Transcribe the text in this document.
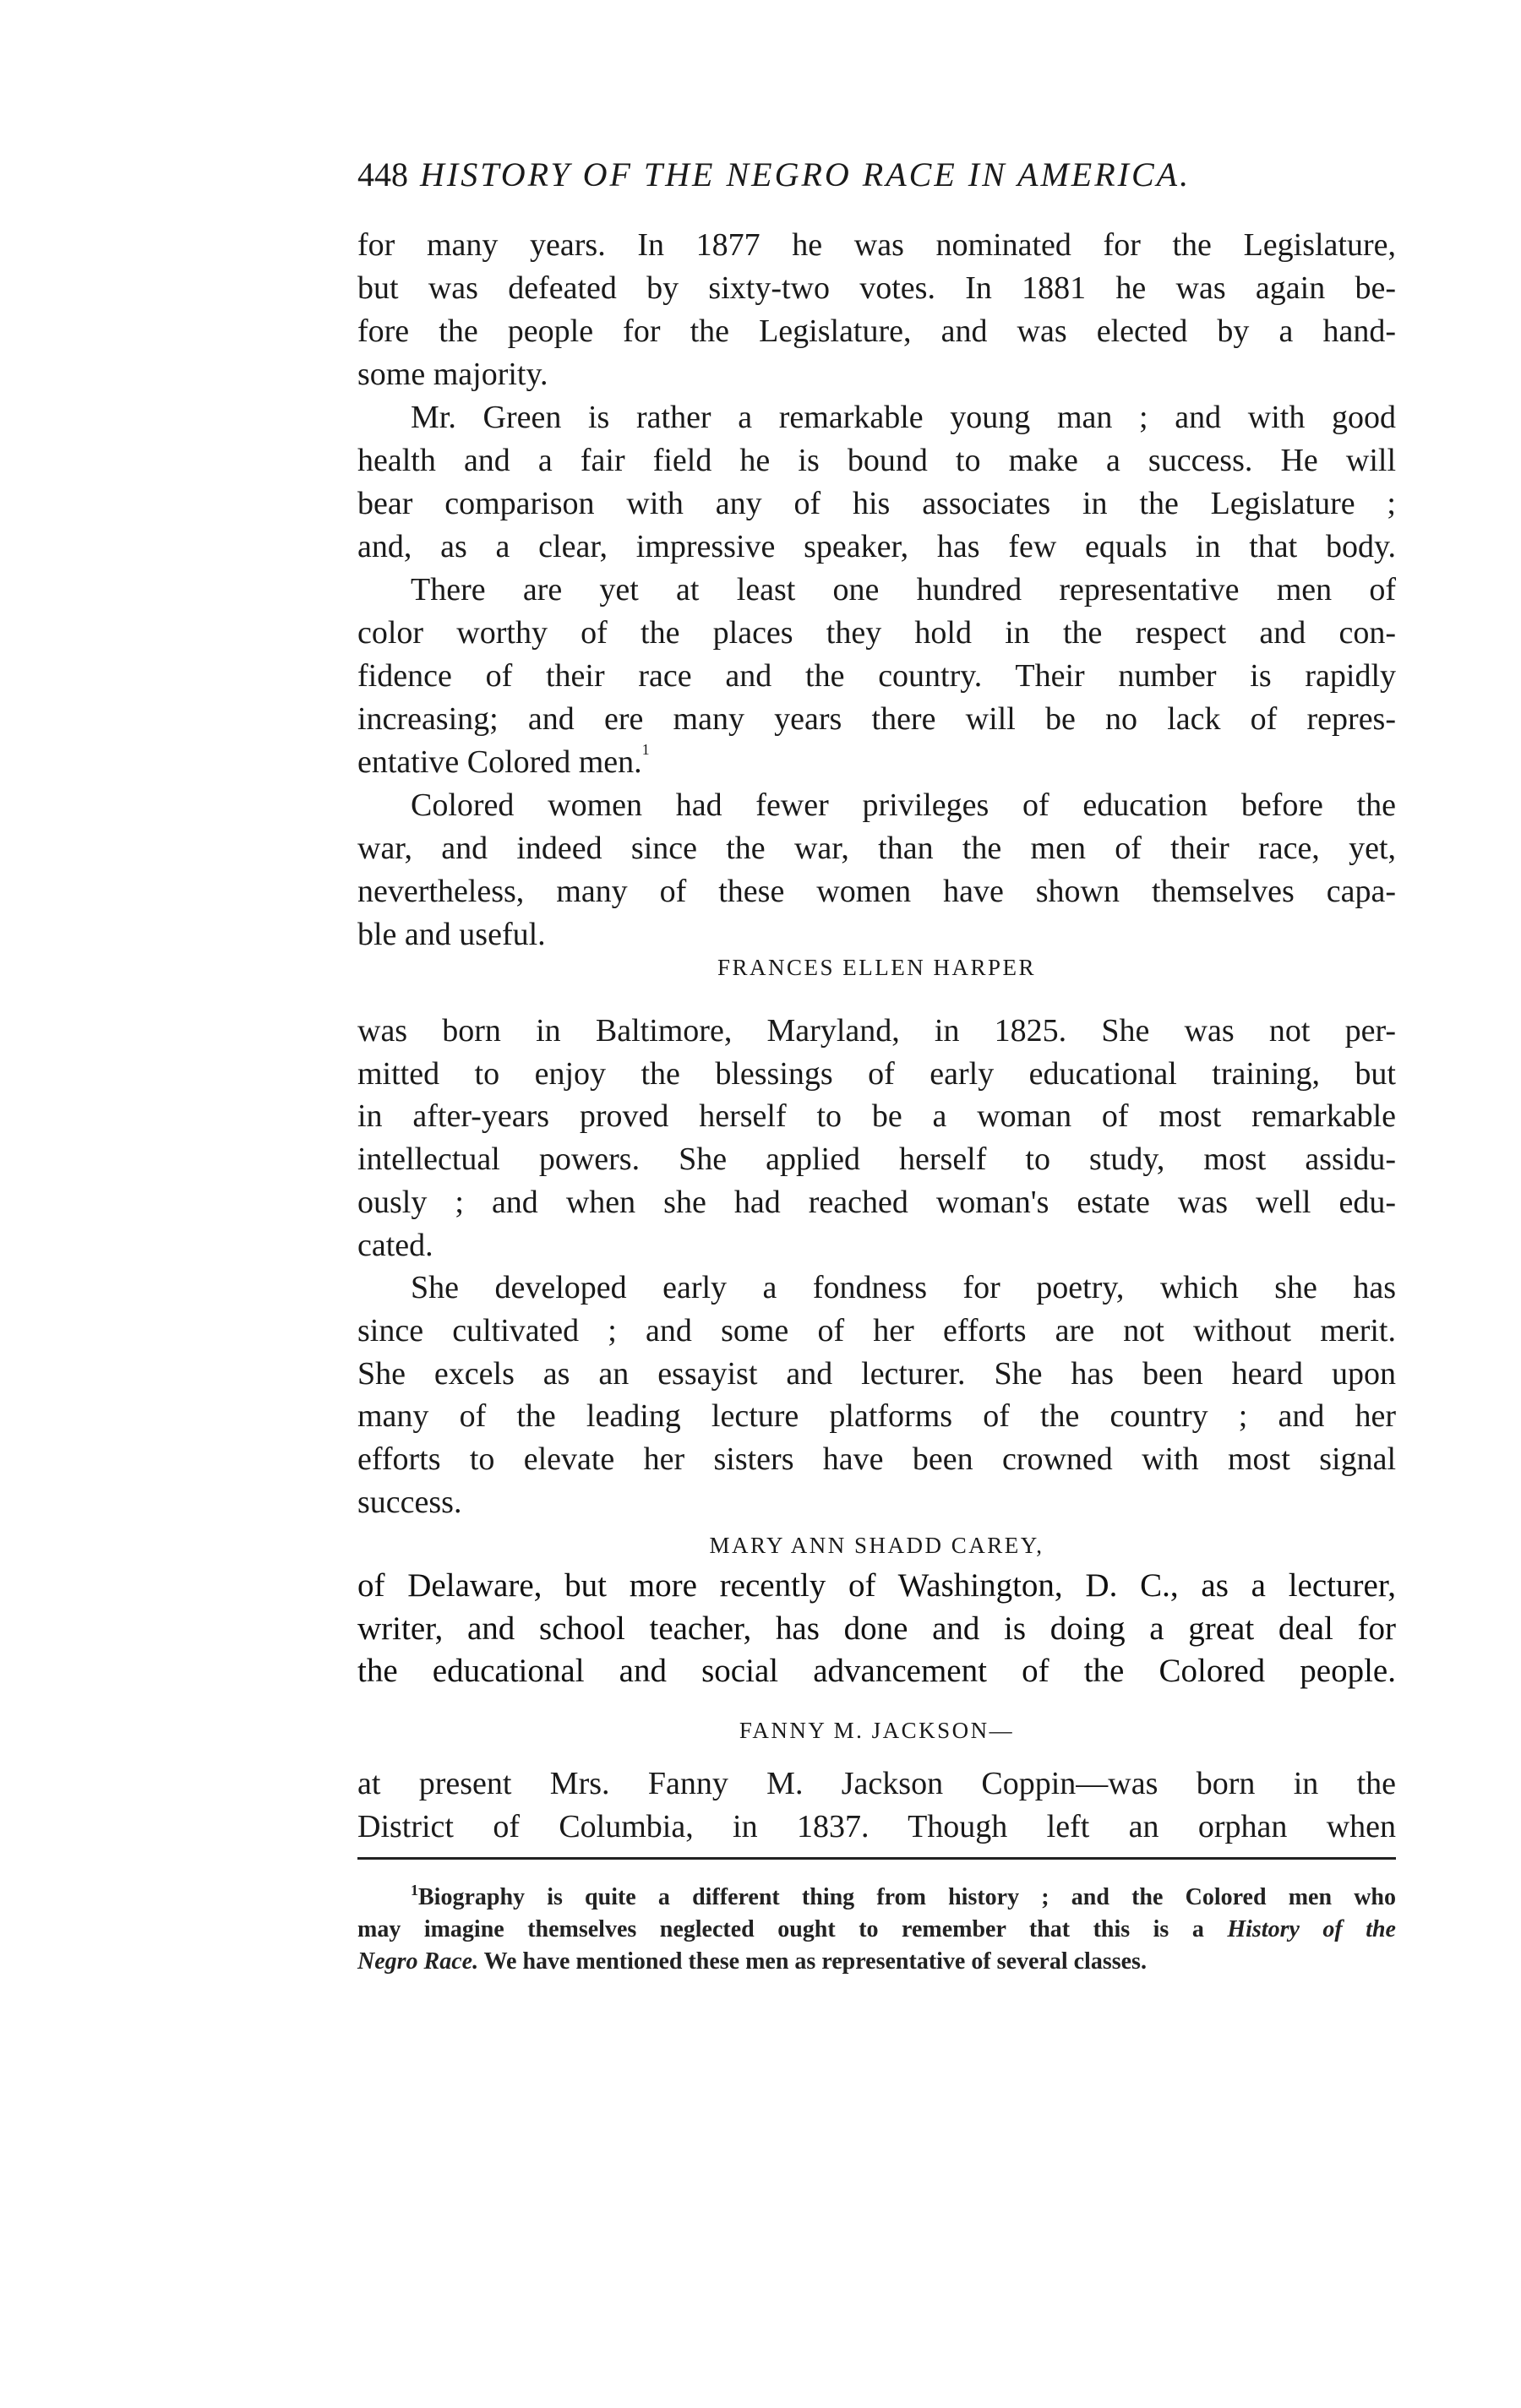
448 HISTORY OF THE NEGRO RACE IN AMERICA.
for many years. In 1877 he was nominated for the Legislature,
but was defeated by sixty-two votes. In 1881 he was again be-
fore the people for the Legislature, and was elected by a hand-
some majority.
Mr. Green is rather a remarkable young man ; and with good
health and a fair field he is bound to make a success. He will
bear comparison with any of his associates in the Legislature ;
and, as a clear, impressive speaker, has few equals in that body.
There are yet at least one hundred representative men of
color worthy of the places they hold in the respect and con-
fidence of their race and the country. Their number is rapidly
increasing; and ere many years there will be no lack of repres-
entative Colored men.$^1$
Colored women had fewer privileges of education before the
war, and indeed since the war, than the men of their race, yet,
nevertheless, many of these women have shown themselves capa-
ble and useful.
FRANCES ELLEN HARPER
was born in Baltimore, Maryland, in 1825. She was not per-
mitted to enjoy the blessings of early educational training, but
in after-years proved herself to be a woman of most remarkable
intellectual powers. She applied herself to study, most assidu-
ously ; and when she had reached woman's estate was well edu-
cated.
She developed early a fondness for poetry, which she has
since cultivated ; and some of her efforts are not without merit.
She excels as an essayist and lecturer. She has been heard upon
many of the leading lecture platforms of the country ; and her
efforts to elevate her sisters have been crowned with most signal
success.
MARY ANN SHADD CAREY,
of Delaware, but more recently of Washington, D. C., as a lecturer,
writer, and school teacher, has done and is doing a great deal for
the educational and social advancement of the Colored people.
FANNY M. JACKSON—
at present Mrs. Fanny M. Jackson Coppin—was born in the
District of Columbia, in 1837. Though left an orphan when
$^1$Biography is quite a different thing from history ; and the Colored men who
may imagine themselves neglected ought to remember that this is a History of the
Negro Race. We have mentioned these men as representative of several classes.
